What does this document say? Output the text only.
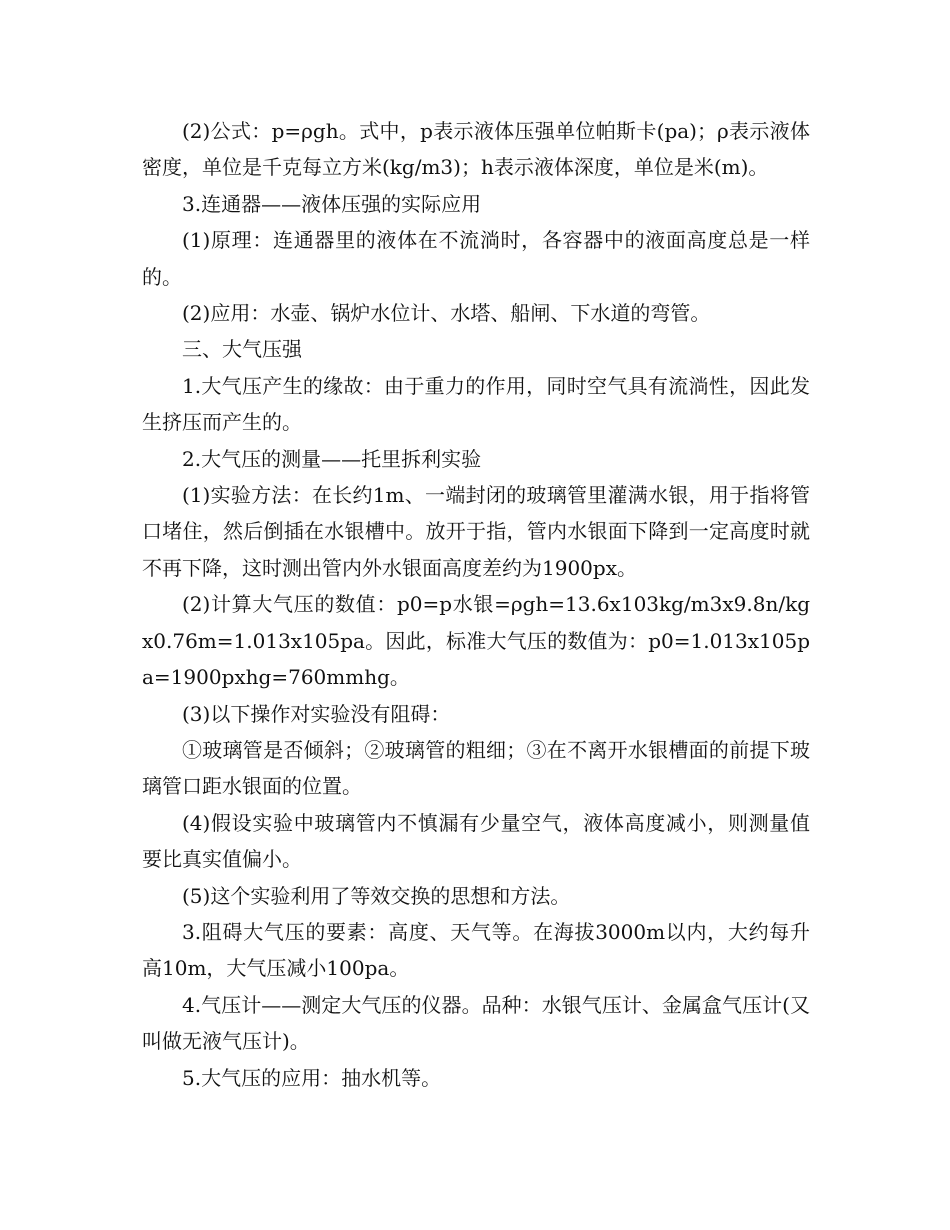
(2)公式：p=ρgh。式中，p表示液体压强单位帕斯卡(pa)；ρ表示液体密度，单位是千克每立方米(kg/m3)；h表示液体深度，单位是米(m)。

3.连通器——液体压强的实际应用

(1)原理：连通器里的液体在不流淌时，各容器中的液面高度总是一样的。

(2)应用：水壶、锅炉水位计、水塔、船闸、下水道的弯管。

三、大气压强

1.大气压产生的缘故：由于重力的作用，同时空气具有流淌性，因此发生挤压而产生的。

2.大气压的测量——托里拆利实验

(1)实验方法：在长约1m、一端封闭的玻璃管里灌满水银，用于指将管口堵住，然后倒插在水银槽中。放开于指，管内水银面下降到一定高度时就不再下降，这时测出管内外水银面高度差约为1900px。

(2)计算大气压的数值：p0=p水银=ρgh=13.6x103kg/m3x9.8n/kgx0.76m=1.013x105pa。因此，标准大气压的数值为：p0=1.013x105pa=1900pxhg=760mmhg。

(3)以下操作对实验没有阻碍：

①玻璃管是否倾斜；②玻璃管的粗细；③在不离开水银槽面的前提下玻璃管口距水银面的位置。

(4)假设实验中玻璃管内不慎漏有少量空气，液体高度减小，则测量值要比真实值偏小。

(5)这个实验利用了等效交换的思想和方法。

3.阻碍大气压的要素：高度、天气等。在海拔3000m以内，大约每升高10m，大气压减小100pa。

4.气压计——测定大气压的仪器。品种：水银气压计、金属盒气压计(又叫做无液气压计)。

5.大气压的应用：抽水机等。
